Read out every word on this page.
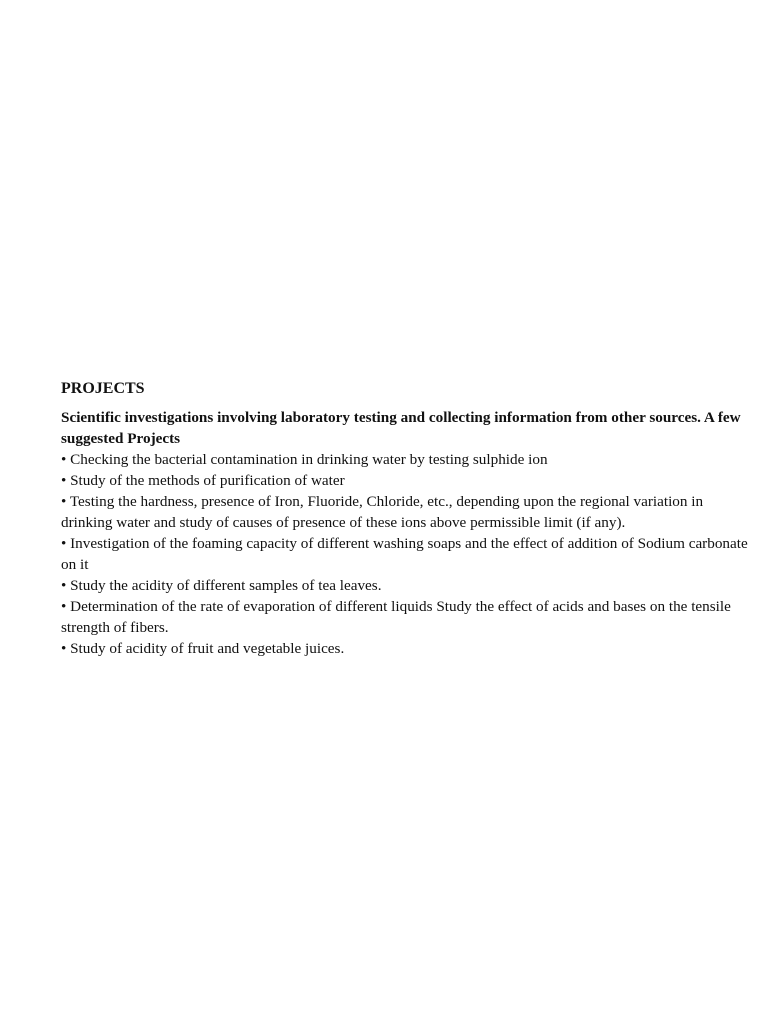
PROJECTS

Scientific investigations involving laboratory testing and collecting information from other sources. A few suggested Projects

• Checking the bacterial contamination in drinking water by testing sulphide ion
• Study of the methods of purification of water
• Testing the hardness, presence of Iron, Fluoride, Chloride, etc., depending upon the regional variation in drinking water and study of causes of presence of these ions above permissible limit (if any).
• Investigation of the foaming capacity of different washing soaps and the effect of addition of Sodium carbonate on it
• Study the acidity of different samples of tea leaves.
• Determination of the rate of evaporation of different liquids Study the effect of acids and bases on the tensile strength of fibers.
• Study of acidity of fruit and vegetable juices.
